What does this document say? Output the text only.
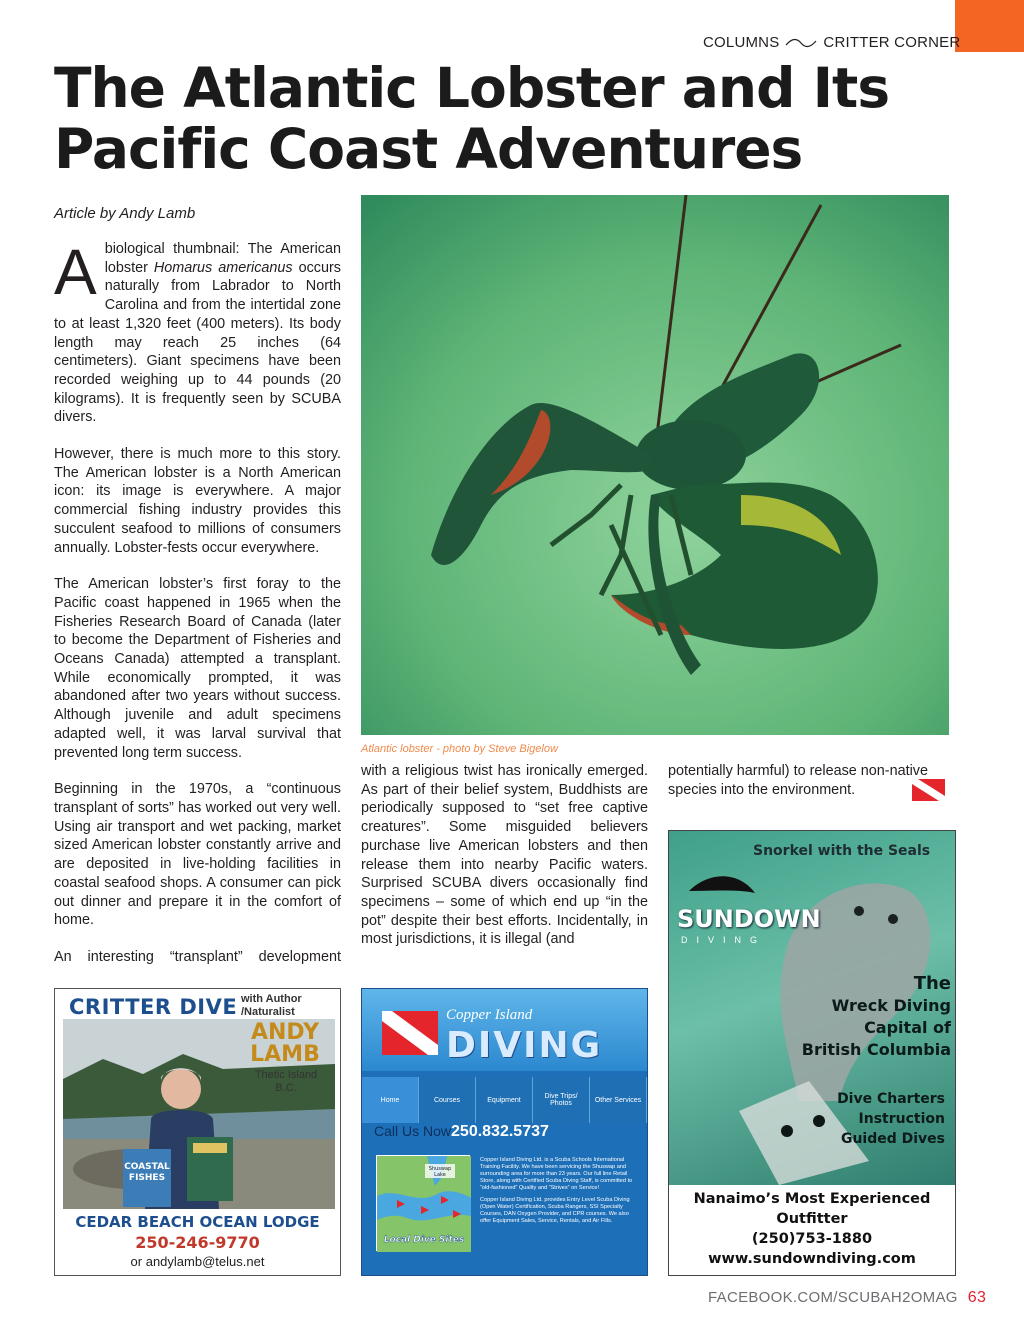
COLUMNS	CRITTER CORNER
The Atlantic Lobster and Its
Pacific Coast Adventures
Article by Andy Lamb

A biological thumbnail: The American lobster Homarus americanus occurs naturally from Labrador to North Carolina and from the intertidal zone to at least 1,320 feet (400 meters). Its body length may reach 25 inches (64 centimeters). Giant specimens have been recorded weighing up to 44 pounds (20 kilograms). It is frequently seen by SCUBA divers.

However, there is much more to this story. The American lobster is a North American icon: its image is everywhere. A major commercial fishing industry provides this succulent seafood to millions of consumers annually. Lobster-fests occur everywhere.

The American lobster’s first foray to the Pacific coast happened in 1965 when the Fisheries Research Board of Canada (later to become the Department of Fisheries and Oceans Canada) attempted a transplant. While economically prompted, it was abandoned after two years without success. Although juvenile and adult specimens adapted well, it was larval survival that prevented long term success.

Beginning in the 1970s, a “continuous transplant of sorts” has worked out very well. Using air transport and wet packing, market sized American lobster constantly arrive and are deposited in live-holding facilities in coastal seafood shops. A consumer can pick out dinner and prepare it in the comfort of home.

An interesting “transplant” development

Atlantic lobster - photo by Steve Bigelow

with a religious twist has ironically emerged. As part of their belief system, Buddhists are periodically supposed to “set free captive creatures”. Some misguided believers purchase live American lobsters and then release them into nearby Pacific waters. Surprised SCUBA divers occasionally find specimens – some of which end up “in the pot” despite their best efforts. Incidentally, in most jurisdictions, it is illegal (and

potentially harmful) to release non-native species into the environment.

CRITTER DIVE with Author /Naturalist
COASTAL
FISHES
ANDY LAMB
Thetic Island B.C.
CEDAR BEACH OCEAN LODGE
250-246-9770
or andylamb@telus.net
Copper Island
DIVING
Home	Courses	Equipment	Dive Trips/ Photos	Other Services
Call Us Now250.832.5737
Shuswap
Lake
Local Dive Sites

Copper Island Diving Ltd. is a Scuba Schools International Training Facility. We have been servicing the Shuswap and surrounding area for more than 23 years. Our full line Retail Store, along with Certified Scuba Diving Staff, is committed to “old-fashioned” Quality and “Strives” on Service!

Copper Island Diving Ltd. provides Entry Level Scuba Diving (Open Water) Certification, Scuba Rangers, SSI Specialty Courses, DAN Oxygen Provider, and CPR courses. We also offer Equipment Sales, Service, Rentals, and Air Fills.

Snorkel with the Seals
SUNDOWN
DIVING
The
Wreck Diving
Capital of
British Columbia
Dive Charters
Instruction
Guided Dives
Nanaimo’s Most Experienced
Outfitter
(250)753-1880
www.sundowndiving.com
FACEBOOK.COM/SCUBAH2OMAG 63
